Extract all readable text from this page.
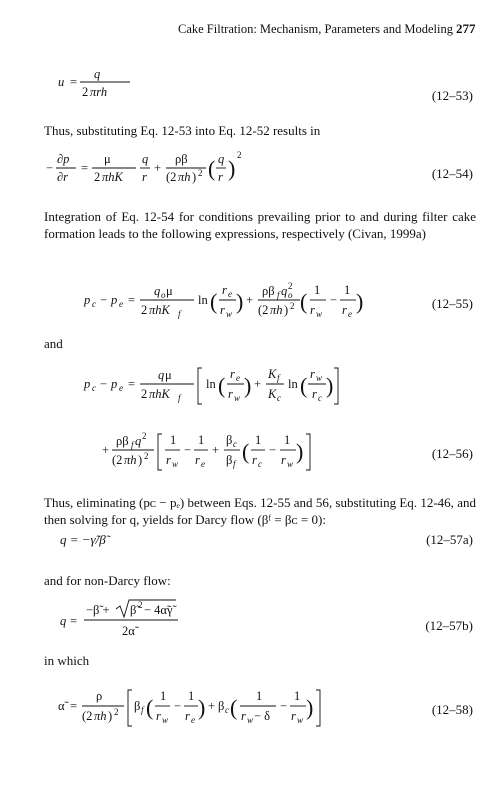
Cake Filtration: Mechanism, Parameters and Modeling 277
u =
q
2 πrh	(12–53)
Thus, substituting Eq. 12-53 into Eq. 12-52 results in
−
∂p
∂r
=
μ
2 πhK
q
r
+
ρβ
(2 πh ) 2 ( q
r )
2
(12–54)
Integration of Eq. 12-54 for conditions prevailing prior to and during filter cake formation leads to the following expressions, respectively (Civan, 1999a)
p c − p e =
q o μ
2 πhK f
ln ( r e
r w ) +
ρβ f q o
2
(2 πh ) 2 ( 1
r w
−
1
r e )	(12–55)
and
p c − p e =
q μ
2 πhK f
ln ( r e
r w ) +
K f
K c
ln ( r w
r c )
+
ρβ f q 2
(2 πh ) 2
1
r w
−
1
r e
+
β c
β f ( 1
r c
−
1
r w )	(12–56)
Thus, eliminating (pᴄ − pₑ) between Eqs. 12-55 and 56, substituting Eq. 12-46, and then solving for q, yields for Darcy flow (βᶠ = βᴄ = 0):
q = −γ̃/β̃	(12–57a)
and for non-Darcy flow:
q =
−β̃ + β̃ 2 − 4α̃γ̃
2α̃	(12–57b)
in which
α̃ =
ρ
(2 πh ) 2 β f ( 1
r w
−
1
r e ) + β c ( 1
r w − δ
−
1
r w )	(12–58)
